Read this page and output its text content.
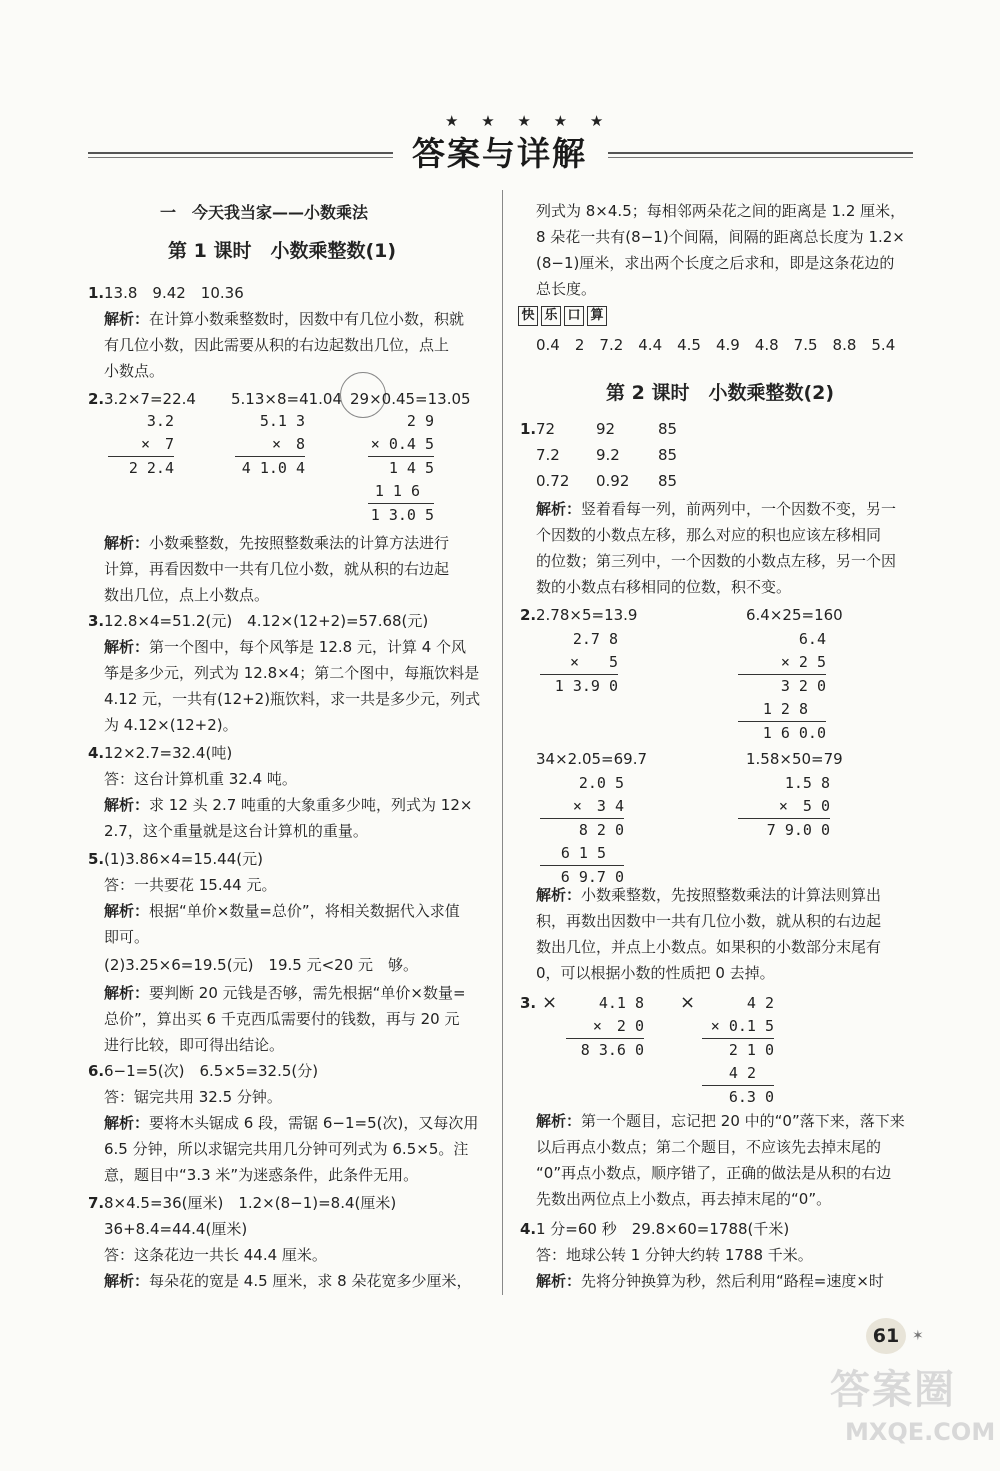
★ ★ ★ ★ ★
答案与详解
一　今天我当家——小数乘法
第 1 课时　小数乘整数(1)
1. 13.8　9.42　10.36
解析：在计算小数乘整数时，因数中有几位小数，积就
有几位小数，因此需要从积的右边起数出几位，点上
小数点。
2. 3.2×7=22.4 5.13×8=41.04 29×0.45=13.05
3.2
×　7
2 2.4
5.1 3
×　8
4 1.0 4
2 9
× 0.4 5
1 4 5
1 1 6
1 3.0 5
解析：小数乘整数，先按照整数乘法的计算方法进行
计算，再看因数中一共有几位小数，就从积的右边起
数出几位，点上小数点。
3. 12.8×4=51.2(元)　4.12×(12+2)=57.68(元)
解析：第一个图中，每个风筝是 12.8 元，计算 4 个风
筝是多少元，列式为 12.8×4；第二个图中，每瓶饮料是
4.12 元，一共有(12+2)瓶饮料，求一共是多少元，列式
为 4.12×(12+2)。
4. 12×2.7=32.4(吨)
答：这台计算机重 32.4 吨。
解析：求 12 头 2.7 吨重的大象重多少吨，列式为 12×
2.7，这个重量就是这台计算机的重量。
5. (1)3.86×4=15.44(元)
答：一共要花 15.44 元。
解析：根据“单价×数量=总价”，将相关数据代入求值
即可。
(2)3.25×6=19.5(元)　19.5 元<20 元　够。
解析：要判断 20 元钱是否够，需先根据“单价×数量=
总价”，算出买 6 千克西瓜需要付的钱数，再与 20 元
进行比较，即可得出结论。
6. 6−1=5(次)　6.5×5=32.5(分)
答：锯完共用 32.5 分钟。
解析：要将木头锯成 6 段，需锯 6−1=5(次)，又每次用
6.5 分钟，所以求锯完共用几分钟可列式为 6.5×5。注
意，题目中“3.3 米”为迷惑条件，此条件无用。
7. 8×4.5=36(厘米)　1.2×(8−1)=8.4(厘米)
36+8.4=44.4(厘米)
答：这条花边一共长 44.4 厘米。
解析：每朵花的宽是 4.5 厘米，求 8 朵花宽多少厘米，
列式为 8×4.5；每相邻两朵花之间的距离是 1.2 厘米，
8 朵花一共有(8−1)个间隔，间隔的距离总长度为 1.2×
(8−1)厘米，求出两个长度之后求和，即是这条花边的
总长度。
快 乐 口 算
0.4　2　7.2　4.4　4.5　4.9　4.8　7.5　8.8　5.4
第 2 课时　小数乘整数(2)
1. 72	92	85
7.2 9.2	85
0.72 0.92 85
解析：竖着看每一列，前两列中，一个因数不变，另一
个因数的小数点左移，那么对应的积也应该左移相同
的位数；第三列中，一个因数的小数点左移，另一个因
数的小数点右移相同的位数，积不变。
2. 2.78×5=13.9	6.4×25=160
2.7 8
×　　5
1 3.9 0
6.4
× 2 5
3 2 0
1 2 8
1 6 0.0
34×2.05=69.7	1.58×50=79
2.0 5
×　3 4
8 2 0
6 1 5
6 9.7 0
1.5 8
×　5 0
7 9.0 0
解析：小数乘整数，先按照整数乘法的计算法则算出
积，再数出因数中一共有几位小数，就从积的右边起
数出几位，并点上小数点。如果积的小数部分末尾有
0，可以根据小数的性质把 0 去掉。
3. ×	4.1 8
×　2 0
8 3.6 0
×	4 2
× 0.1 5
2 1 0
4 2
6.3 0
解析：第一个题目，忘记把 20 中的“0”落下来，落下来
以后再点小数点；第二个题目，不应该先去掉末尾的
“0”再点小数点，顺序错了，正确的做法是从积的右边
先数出两位点上小数点，再去掉末尾的“0”。
4. 1 分=60 秒　29.8×60=1788(千米)
答：地球公转 1 分钟大约转 1788 千米。
解析：先将分钟换算为秒，然后利用“路程=速度×时
61 ✶
答案圈
MXQE.COM
